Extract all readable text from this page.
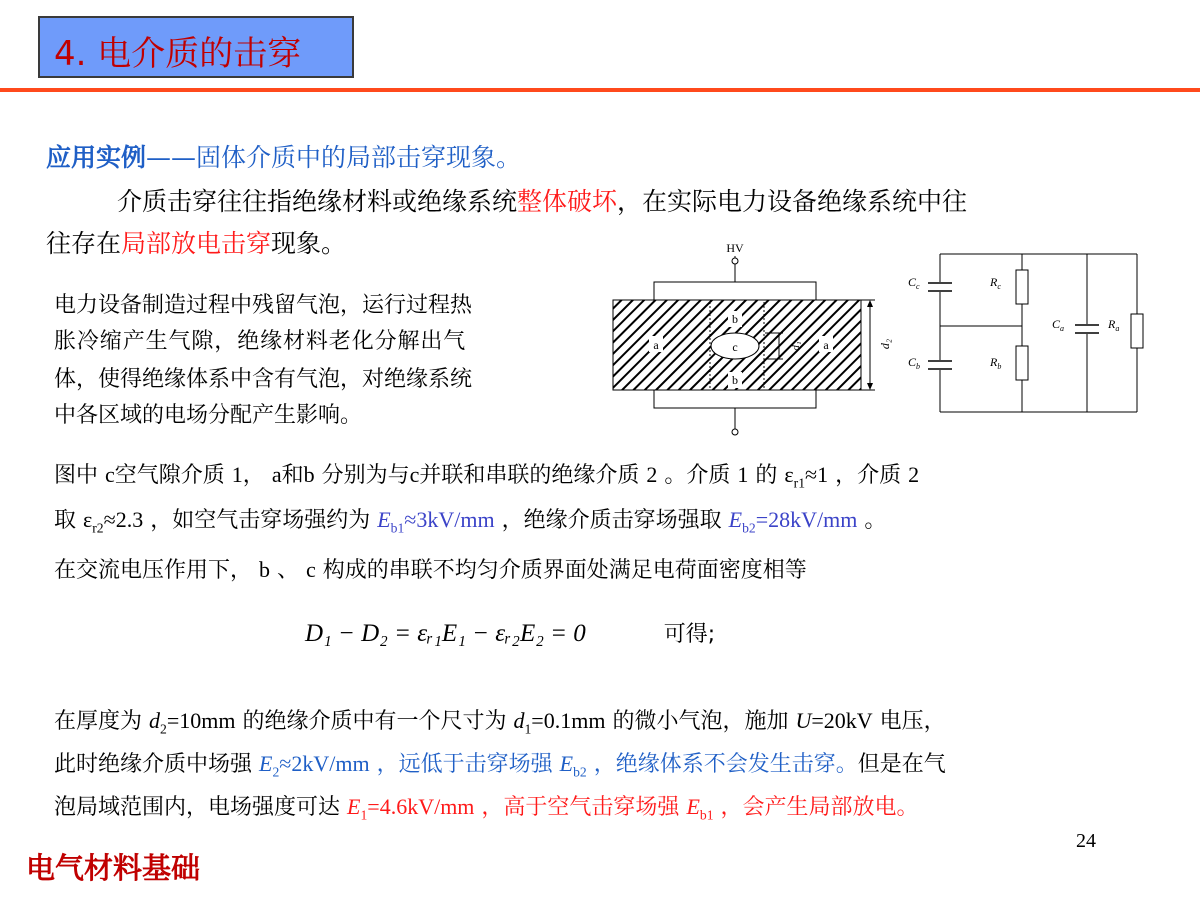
4. 电介质的击穿
应用实例——固体介质中的局部击穿现象。
介质击穿往往指绝缘材料或绝缘系统整体破坏，在实际电力设备绝缘系统中往
往存在局部放电击穿现象。
电力设备制造过程中残留气泡，运行过程热
胀冷缩产生气隙，绝缘材料老化分解出气
体，使得绝缘体系中含有气泡，对绝缘系统
中各区域的电场分配产生影响。
HV
a	a
b
b
c	d₁	d₂
$C_c$	$R_c$
$C_b$	$R_b$
$C_a$	$R_a$
图中 c空气隙介质 1， a和b 分别为与c并联和串联的绝缘介质 2 。介质 1 的 $\varepsilon_{r1}\approx 1$ ，介质 2
取 $\varepsilon_{r2}\approx 2.3$ ，如空气击穿场强约为 $E_{b1}\approx 3kV/mm$ ，绝缘介质击穿场强取 $E_{b2}=28kV/mm$ 。
在交流电压作用下， b 、 c 构成的串联不均匀介质界面处满足电荷面密度相等
D₁ − D₂ = εᵣ₁E₁ − εᵣ₂E₂ = 0	可得;
在厚度为 $d_2=10mm$ 的绝缘介质中有一个尺寸为 $d_1=0.1mm$ 的微小气泡，施加 U=20kV 电压，
此时绝缘介质中场强 $E_2\approx 2kV/mm$ ，远低于击穿场强 $E_{b2}$ ，绝缘体系不会发生击穿。但是在气
泡局域范围内，电场强度可达 $E_1=4.6kV/mm$ ，高于空气击穿场强 $E_{b1}$ ，会产生局部放电。
24
电气材料基础
